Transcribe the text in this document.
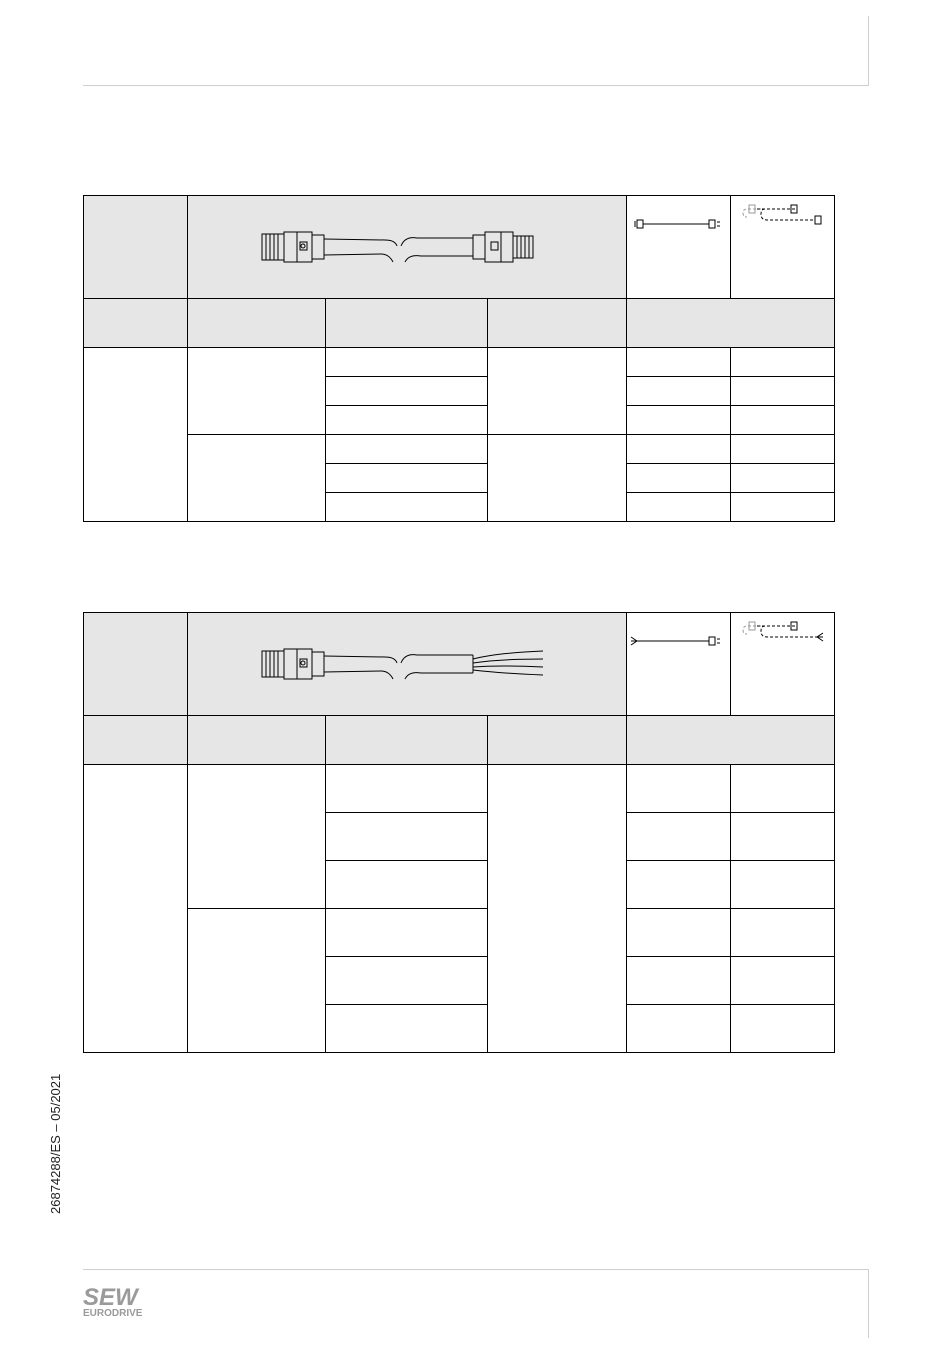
26874288/ES – 05/2021
SEW
EURODRIVE
